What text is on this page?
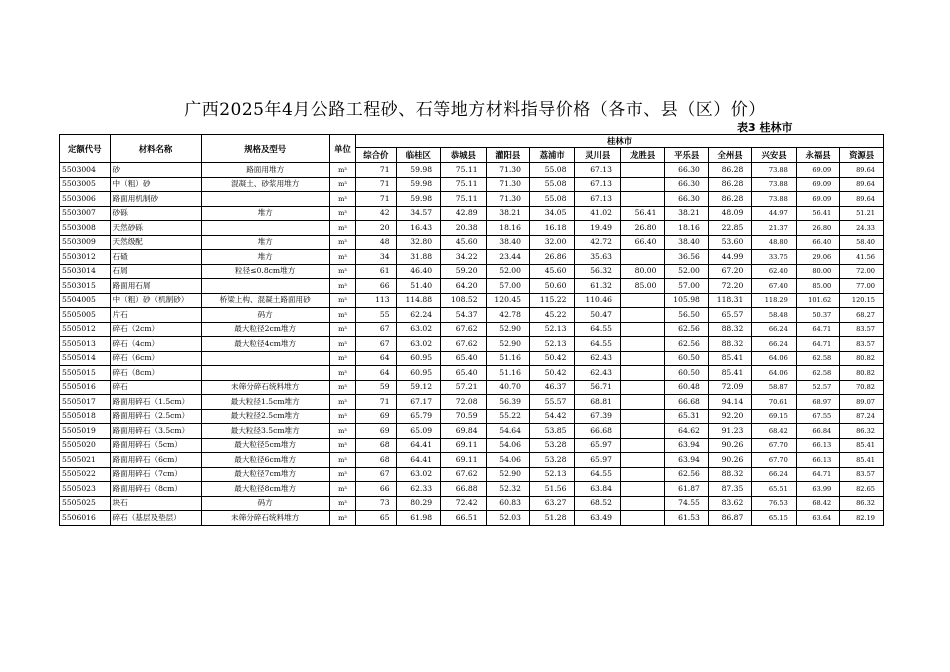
广西2025年4月公路工程砂、石等地方材料指导价格（各市、县（区）价）
表3 桂林市
定额代号	材料名称	规格及型号	单位	桂林市											
				综合价	临桂区	恭城县	灌阳县	荔浦市	灵川县	龙胜县	平乐县	全州县	兴安县	永福县	资源县
5503004	砂	路面用堆方	m³	71	59.98	75.11	71.30	55.08	67.13		66.30	86.28	73.88	69.09	89.64
5503005	中（粗）砂	混凝土、砂浆用堆方	m³	71	59.98	75.11	71.30	55.08	67.13		66.30	86.28	73.88	69.09	89.64
5503006	路面用机制砂		m³	71	59.98	75.11	71.30	55.08	67.13		66.30	86.28	73.88	69.09	89.64
5503007	砂砾	堆方	m³	42	34.57	42.89	38.21	34.05	41.02	56.41	38.21	48.09	44.97	56.41	51.21
5503008	天然砂砾		m³	20	16.43	20.38	18.16	16.18	19.49	26.80	18.16	22.85	21.37	26.80	24.33
5503009	天然级配	堆方	m³	48	32.80	45.60	38.40	32.00	42.72	66.40	38.40	53.60	48.80	66.40	58.40
5503012	石碴	堆方	m³	34	31.88	34.22	23.44	26.86	35.63		36.56	44.99	33.75	29.06	41.56
5503014	石屑	粒径≤0.8cm堆方	m³	61	46.40	59.20	52.00	45.60	56.32	80.00	52.00	67.20	62.40	80.00	72.00
5503015	路面用石屑		m³	66	51.40	64.20	57.00	50.60	61.32	85.00	57.00	72.20	67.40	85.00	77.00
5504005	中（粗）砂（机制砂）	桥梁上构、混凝土路面用砂	m³	113	114.88	108.52	120.45	115.22	110.46		105.98	118.31	118.29	101.62	120.15
5505005	片石	码方	m³	55	62.24	54.37	42.78	45.22	50.47		56.50	65.57	58.48	50.37	68.27
5505012	碎石（2cm）	最大粒径2cm堆方	m³	67	63.02	67.62	52.90	52.13	64.55		62.56	88.32	66.24	64.71	83.57
5505013	碎石（4cm）	最大粒径4cm堆方	m³	67	63.02	67.62	52.90	52.13	64.55		62.56	88.32	66.24	64.71	83.57
5505014	碎石（6cm）		m³	64	60.95	65.40	51.16	50.42	62.43		60.50	85.41	64.06	62.58	80.82
5505015	碎石（8cm）		m³	64	60.95	65.40	51.16	50.42	62.43		60.50	85.41	64.06	62.58	80.82
5505016	碎石	未筛分碎石统料堆方	m³	59	59.12	57.21	40.70	46.37	56.71		60.48	72.09	58.87	52.57	70.82
5505017	路面用碎石（1.5cm）	最大粒径1.5cm堆方	m³	71	67.17	72.08	56.39	55.57	68.81		66.68	94.14	70.61	68.97	89.07
5505018	路面用碎石（2.5cm）	最大粒径2.5cm堆方	m³	69	65.79	70.59	55.22	54.42	67.39		65.31	92.20	69.15	67.55	87.24
5505019	路面用碎石（3.5cm）	最大粒径3.5cm堆方	m³	69	65.09	69.84	54.64	53.85	66.68		64.62	91.23	68.42	66.84	86.32
5505020	路面用碎石（5cm）	最大粒径5cm堆方	m³	68	64.41	69.11	54.06	53.28	65.97		63.94	90.26	67.70	66.13	85.41
5505021	路面用碎石（6cm）	最大粒径6cm堆方	m³	68	64.41	69.11	54.06	53.28	65.97		63.94	90.26	67.70	66.13	85.41
5505022	路面用碎石（7cm）	最大粒径7cm堆方	m³	67	63.02	67.62	52.90	52.13	64.55		62.56	88.32	66.24	64.71	83.57
5505023	路面用碎石（8cm）	最大粒径8cm堆方	m³	66	62.33	66.88	52.32	51.56	63.84		61.87	87.35	65.51	63.99	82.65
5505025	块石	码方	m³	73	80.29	72.42	60.83	63.27	68.52		74.55	83.62	76.53	68.42	86.32
5506016	碎石（基层及垫层）	未筛分碎石统料堆方	m³	65	61.98	66.51	52.03	51.28	63.49		61.53	86.87	65.15	63.64	82.19
